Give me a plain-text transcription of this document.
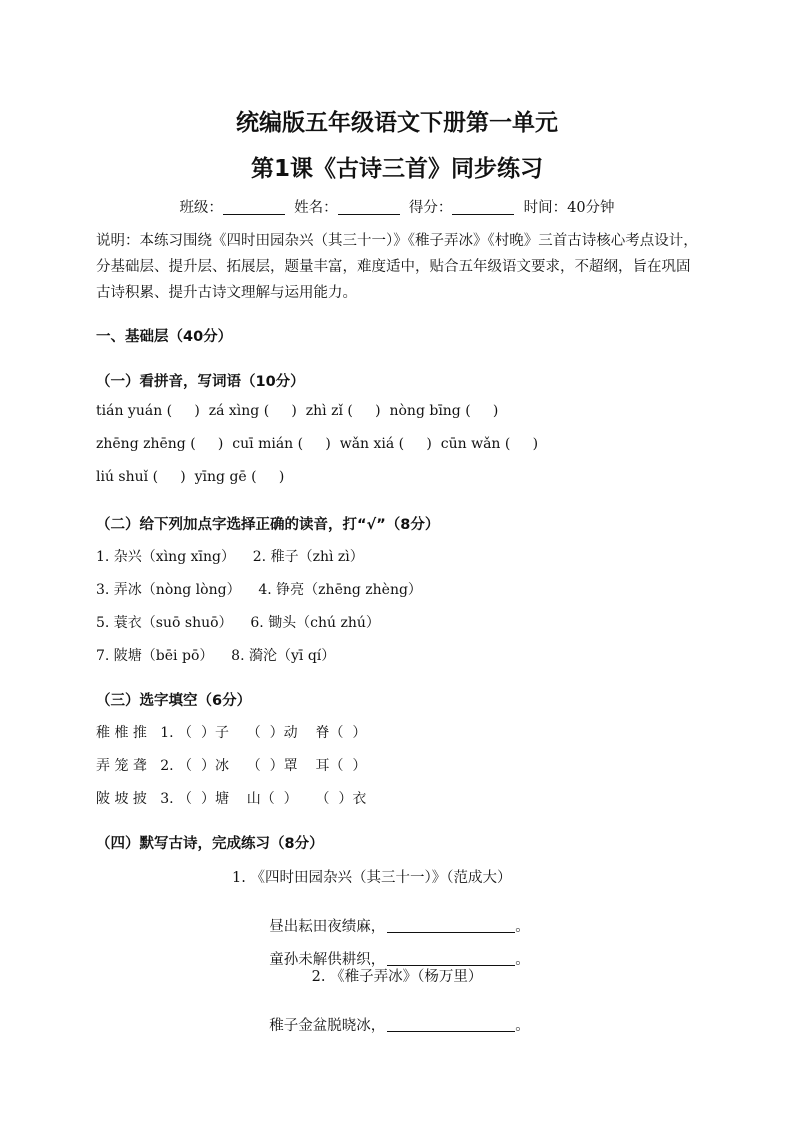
统编版五年级语文下册第一单元
第1课《古诗三首》同步练习
班级：	姓名：	得分：	时间：40分钟
说明：本练习围绕《四时田园杂兴（其三十一）》《稚子弄冰》《村晚》三首古诗核心考点设计，分基础层、提升层、拓展层，题量丰富，难度适中，贴合五年级语文要求，不超纲，旨在巩固古诗积累、提升古诗文理解与运用能力。
一、基础层（40分）
（一）看拼音，写词语（10分）
tián yuán (     )  zá xìng (     )  zhì zǐ (     )  nòng bīng (     )
zhēng zhēng (     )  cuī mián (     )  wǎn xiá (     )  cūn wǎn (     )
liú shuǐ (     )  yīng gē (     )
（二）给下列加点字选择正确的读音，打“√”（8分）
1. 杂兴（xìng xīng）    2. 稚子（zhì zì）
3. 弄冰（nòng lòng）    4. 铮亮（zhēng zhèng）
5. 蓑衣（suō shuō）    6. 锄头（chú zhú）
7. 陂塘（bēi pō）    8. 漪沦（yī qí）
（三）选字填空（6分）
稚 椎 推   1. （  ）子    （  ）动    脊（  ）
弄 笼 聋   2. （  ）冰    （  ）罩    耳（  ）
陂 坡 披   3. （  ）塘    山（  ）    （  ）衣
（四）默写古诗，完成练习（8分）
1. 《四时田园杂兴（其三十一）》（范成大）

昼出耘田夜绩麻，	。

童孙未解供耕织，	。

2. 《稚子弄冰》（杨万里）

稚子金盆脱晓冰，	。
